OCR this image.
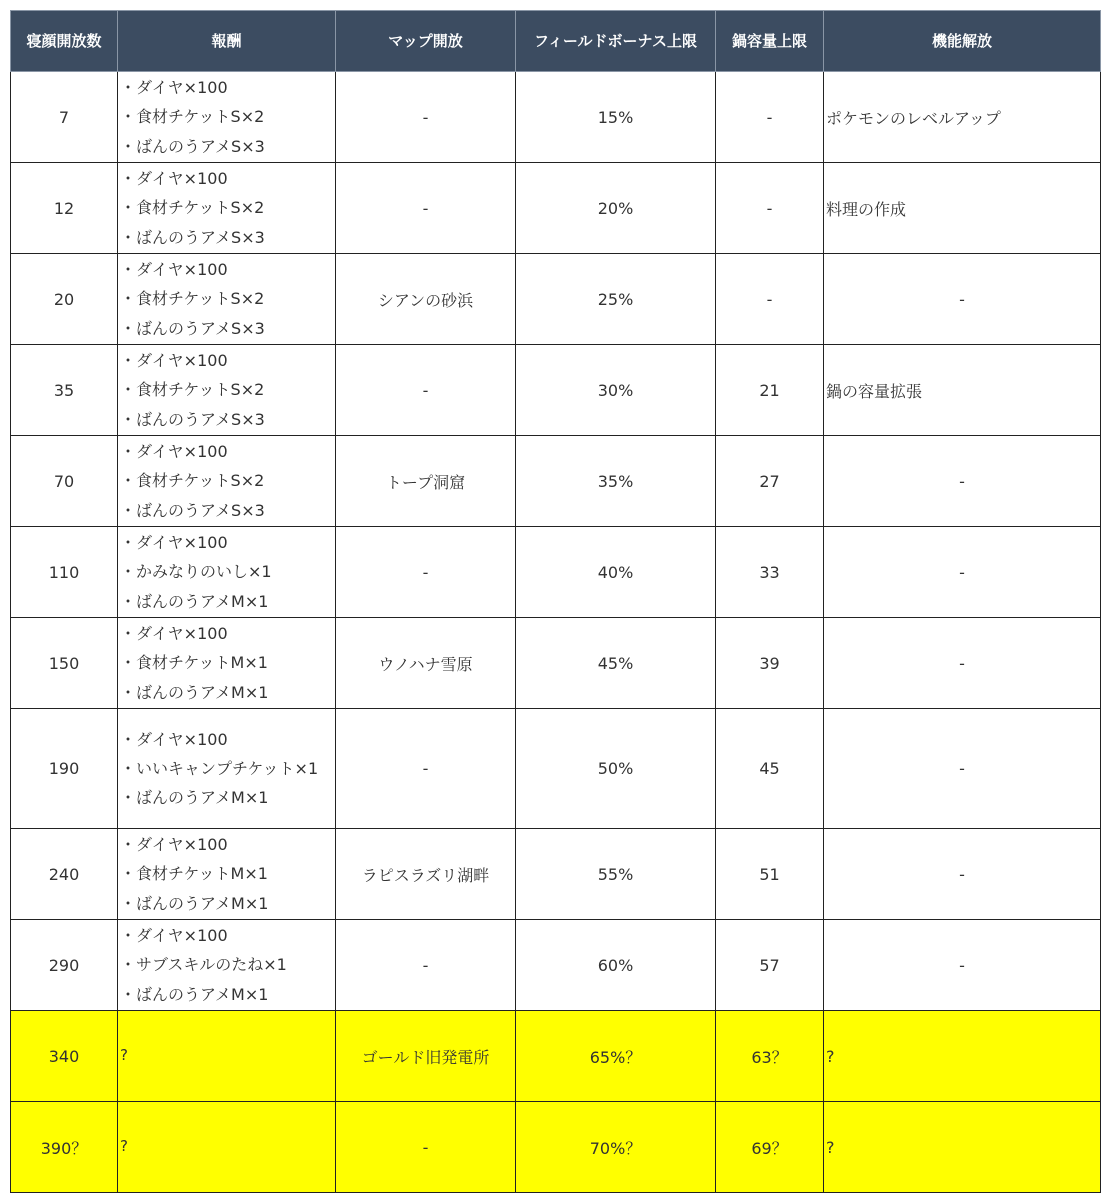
寝顔開放数	報酬	マップ開放	フィールドボーナス上限	鍋容量上限	機能解放
7	・ダイヤ×100
・食材チケットS×2
・ばんのうアメS×3	-	15%	-	ポケモンのレベルアップ
12	・ダイヤ×100
・食材チケットS×2
・ばんのうアメS×3	-	20%	-	料理の作成
20	・ダイヤ×100
・食材チケットS×2
・ばんのうアメS×3	シアンの砂浜	25%	-	-
35	・ダイヤ×100
・食材チケットS×2
・ばんのうアメS×3	-	30%	21	鍋の容量拡張
70	・ダイヤ×100
・食材チケットS×2
・ばんのうアメS×3	トープ洞窟	35%	27	-
110	・ダイヤ×100
・かみなりのいし×1
・ばんのうアメM×1	-	40%	33	-
150	・ダイヤ×100
・食材チケットM×1
・ばんのうアメM×1	ウノハナ雪原	45%	39	-
190	・ダイヤ×100
・いいキャンプチケット×1
・ばんのうアメM×1	-	50%	45	-
240	・ダイヤ×100
・食材チケットM×1
・ばんのうアメM×1	ラピスラズリ湖畔	55%	51	-
290	・ダイヤ×100
・サブスキルのたね×1
・ばんのうアメM×1	-	60%	57	-
340	?	ゴールド旧発電所	65%？	63？	?
390？	?	-	70%？	69？	?
